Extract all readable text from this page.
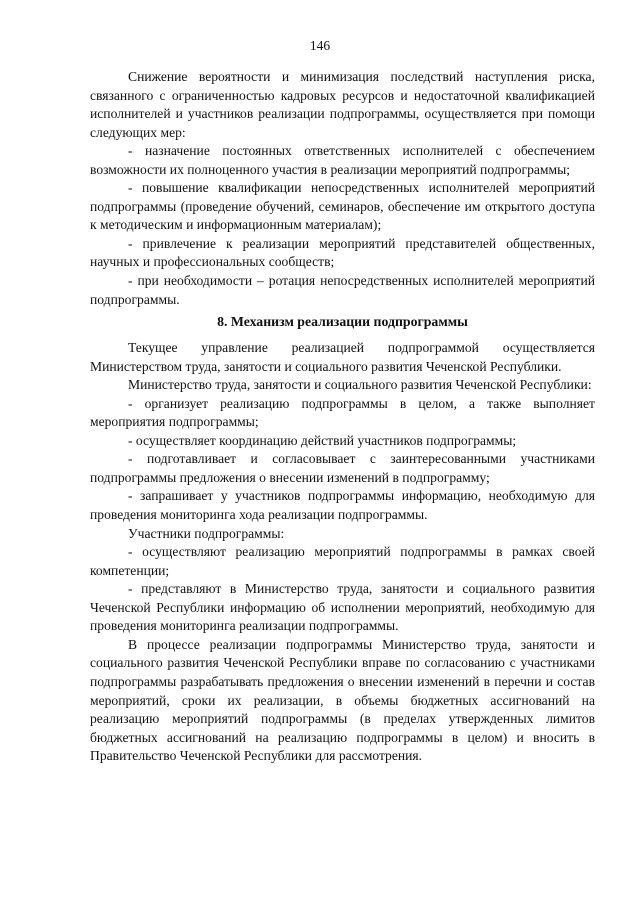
146

Снижение вероятности и минимизация последствий наступления риска, связанного с ограниченностью кадровых ресурсов и недостаточной квалификацией исполнителей и участников реализации подпрограммы, осуществляется при помощи следующих мер:

- назначение постоянных ответственных исполнителей с обеспечением возможности их полноценного участия в реализации мероприятий подпрограммы;

- повышение квалификации непосредственных исполнителей мероприятий подпрограммы (проведение обучений, семинаров, обеспечение им открытого доступа к методическим и информационным материалам);

- привлечение к реализации мероприятий представителей общественных, научных и профессиональных сообществ;

- при необходимости – ротация непосредственных исполнителей мероприятий подпрограммы.

8. Механизм реализации подпрограммы

Текущее управление реализацией подпрограммой осуществляется Министерством труда, занятости и социального развития Чеченской Республики.

Министерство труда, занятости и социального развития Чеченской Республики:

- организует реализацию подпрограммы в целом, а также выполняет мероприятия подпрограммы;

- осуществляет координацию действий участников подпрограммы;

- подготавливает и согласовывает с заинтересованными участниками подпрограммы предложения о внесении изменений в подпрограмму;

- запрашивает у участников подпрограммы информацию, необходимую для проведения мониторинга хода реализации подпрограммы.

Участники подпрограммы:

- осуществляют реализацию мероприятий подпрограммы в рамках своей компетенции;

- представляют в Министерство труда, занятости и социального развития Чеченской Республики информацию об исполнении мероприятий, необходимую для проведения мониторинга реализации подпрограммы.

В процессе реализации подпрограммы Министерство труда, занятости и социального развития Чеченской Республики вправе по согласованию с участниками подпрограммы разрабатывать предложения о внесении изменений в перечни и состав мероприятий, сроки их реализации, в объемы бюджетных ассигнований на реализацию мероприятий подпрограммы (в пределах утвержденных лимитов бюджетных ассигнований на реализацию подпрограммы в целом) и вносить в Правительство Чеченской Республики для рассмотрения.
